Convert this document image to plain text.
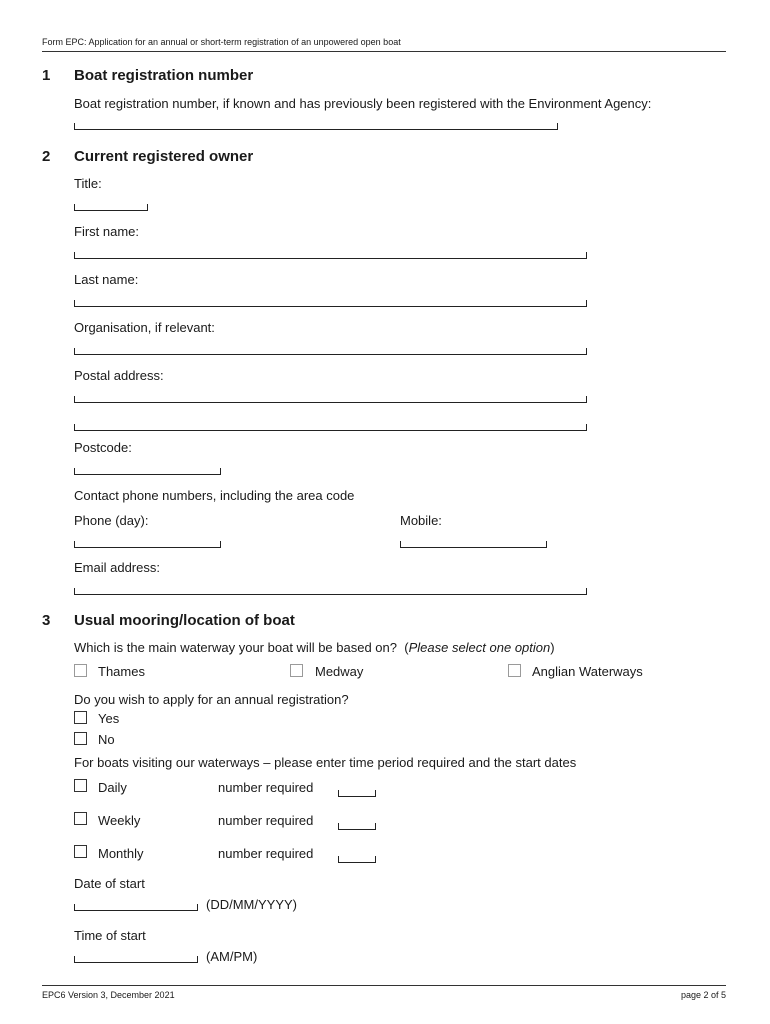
Form EPC: Application for an annual or short-term registration of an unpowered open boat
1 Boat registration number
Boat registration number, if known and has previously been registered with the Environment Agency:
2 Current registered owner
Title:
First name:
Last name:
Organisation, if relevant:
Postal address:
Postcode:
Contact phone numbers, including the area code
Phone (day):	Mobile:
Email address:
3 Usual mooring/location of boat
Which is the main waterway your boat will be based on?  (Please select one option)
Thames	Medway	Anglian Waterways
Do you wish to apply for an annual registration?
Yes
No
For boats visiting our waterways – please enter time period required and the start dates
Daily	number required
Weekly	number required
Monthly	number required
Date of start
(DD/MM/YYYY)
Time of start
(AM/PM)
EPC6 Version 3, December 2021	page 2 of 5
